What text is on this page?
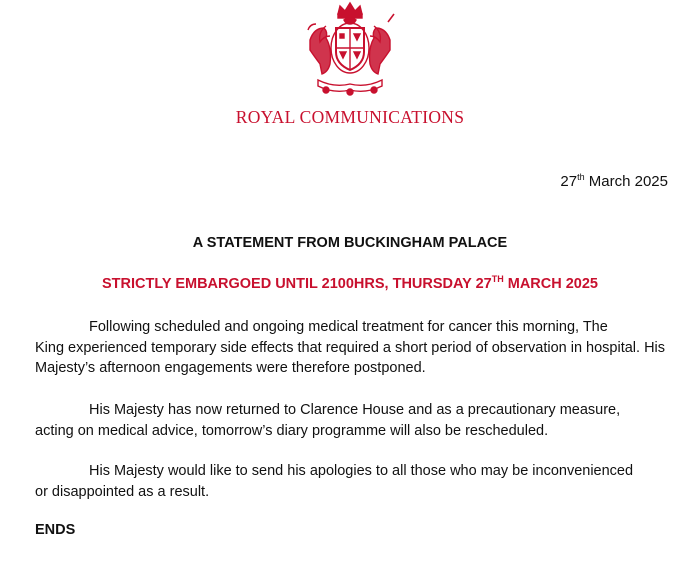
ROYAL COMMUNICATIONS
27th March 2025
A STATEMENT FROM BUCKINGHAM PALACE
STRICTLY EMBARGOED UNTIL 2100HRS, THURSDAY 27TH MARCH 2025
Following scheduled and ongoing medical treatment for cancer this morning, The
King experienced temporary side effects that required a short period of observation in hospital. His Majesty’s afternoon engagements were therefore postponed.
His Majesty has now returned to Clarence House and as a precautionary measure,
acting on medical advice, tomorrow’s diary programme will also be rescheduled.
His Majesty would like to send his apologies to all those who may be inconvenienced
or disappointed as a result.
ENDS
